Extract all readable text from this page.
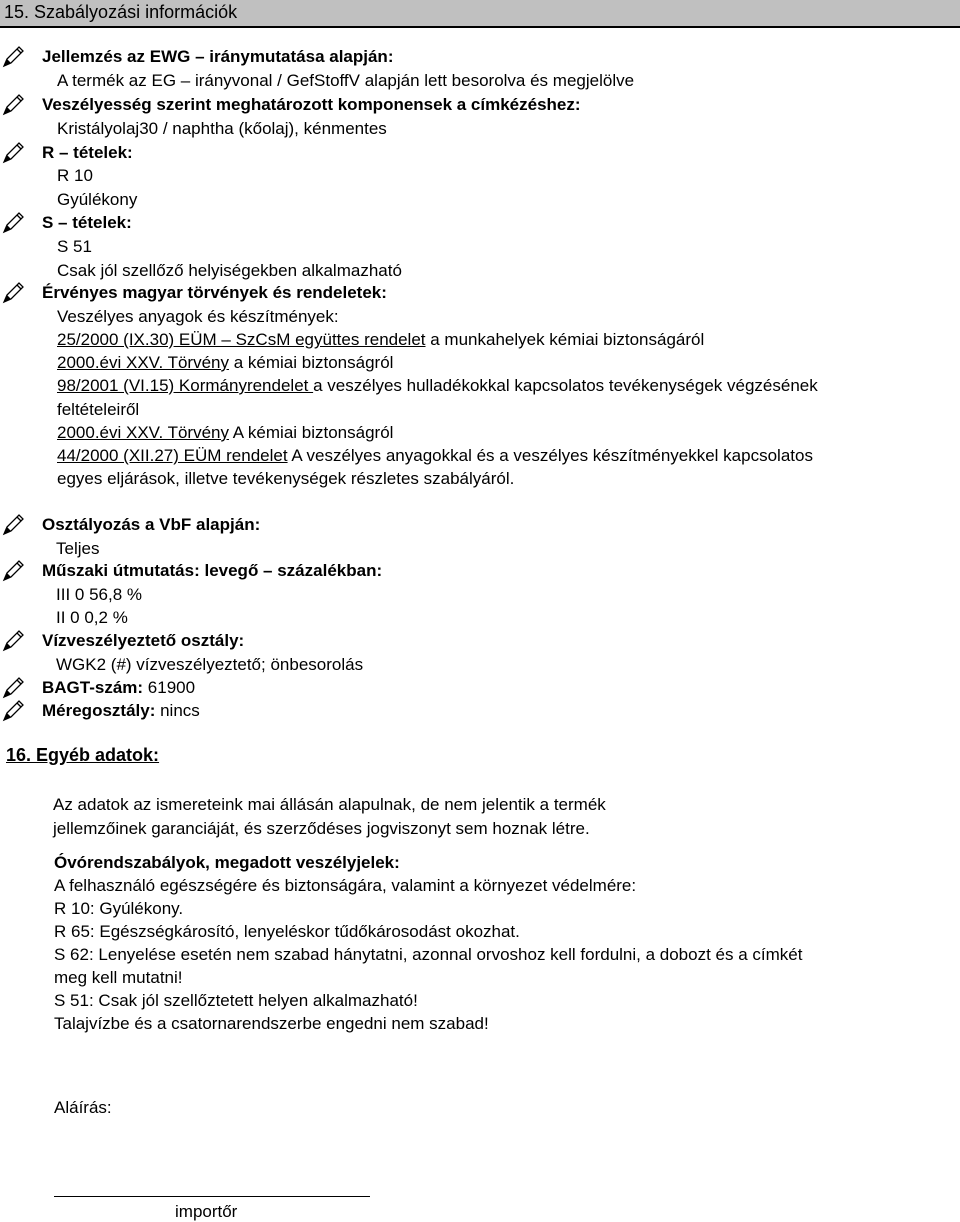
15. Szabályozási információk
Jellemzés az EWG – iránymutatása alapján:
A termék az EG – irányvonal / GefStoffV alapján lett besorolva és megjelölve
Veszélyesség szerint meghatározott komponensek a címkézéshez:
Kristályolaj30 / naphtha (kőolaj), kénmentes
R – tételek:
R 10
Gyúlékony
S – tételek:
S 51
Csak jól szellőző helyiségekben alkalmazható
Érvényes magyar törvények és rendeletek:
Veszélyes anyagok és készítmények:
25/2000 (IX.30) EÜM – SzCsM együttes rendelet a munkahelyek kémiai biztonságáról
2000.évi XXV. Törvény a kémiai biztonságról
98/2001 (VI.15) Kormányrendelet a veszélyes hulladékokkal kapcsolatos tevékenységek végzésének
feltételeiről
2000.évi XXV. Törvény A kémiai biztonságról
44/2000 (XII.27) EÜM rendelet A veszélyes anyagokkal és a veszélyes készítményekkel kapcsolatos
egyes eljárások, illetve tevékenységek részletes szabályáról.
Osztályozás a VbF alapján:
Teljes
Műszaki útmutatás: levegő – százalékban:
III 0 56,8 %
II 0 0,2 %
Vízveszélyeztető osztály:
WGK2 (#) vízveszélyeztető; önbesorolás
BAGT-szám: 61900
Méregosztály: nincs
16. Egyéb adatok:
Az adatok az ismereteink mai állásán alapulnak, de nem jelentik a termék
jellemzőinek garanciáját, és szerződéses jogviszonyt sem hoznak létre.
Óvórendszabályok, megadott veszélyjelek:
A felhasználó egészségére és biztonságára, valamint a környezet védelmére:
R 10: Gyúlékony.
R 65: Egészségkárosító, lenyeléskor tűdőkárosodást okozhat.
S 62: Lenyelése esetén nem szabad hánytatni, azonnal orvoshoz kell fordulni, a dobozt és a címkét
meg kell mutatni!
S 51: Csak jól szellőztetett helyen alkalmazható!
Talajvízbe és a csatornarendszerbe engedni nem szabad!
Aláírás:
importőr
